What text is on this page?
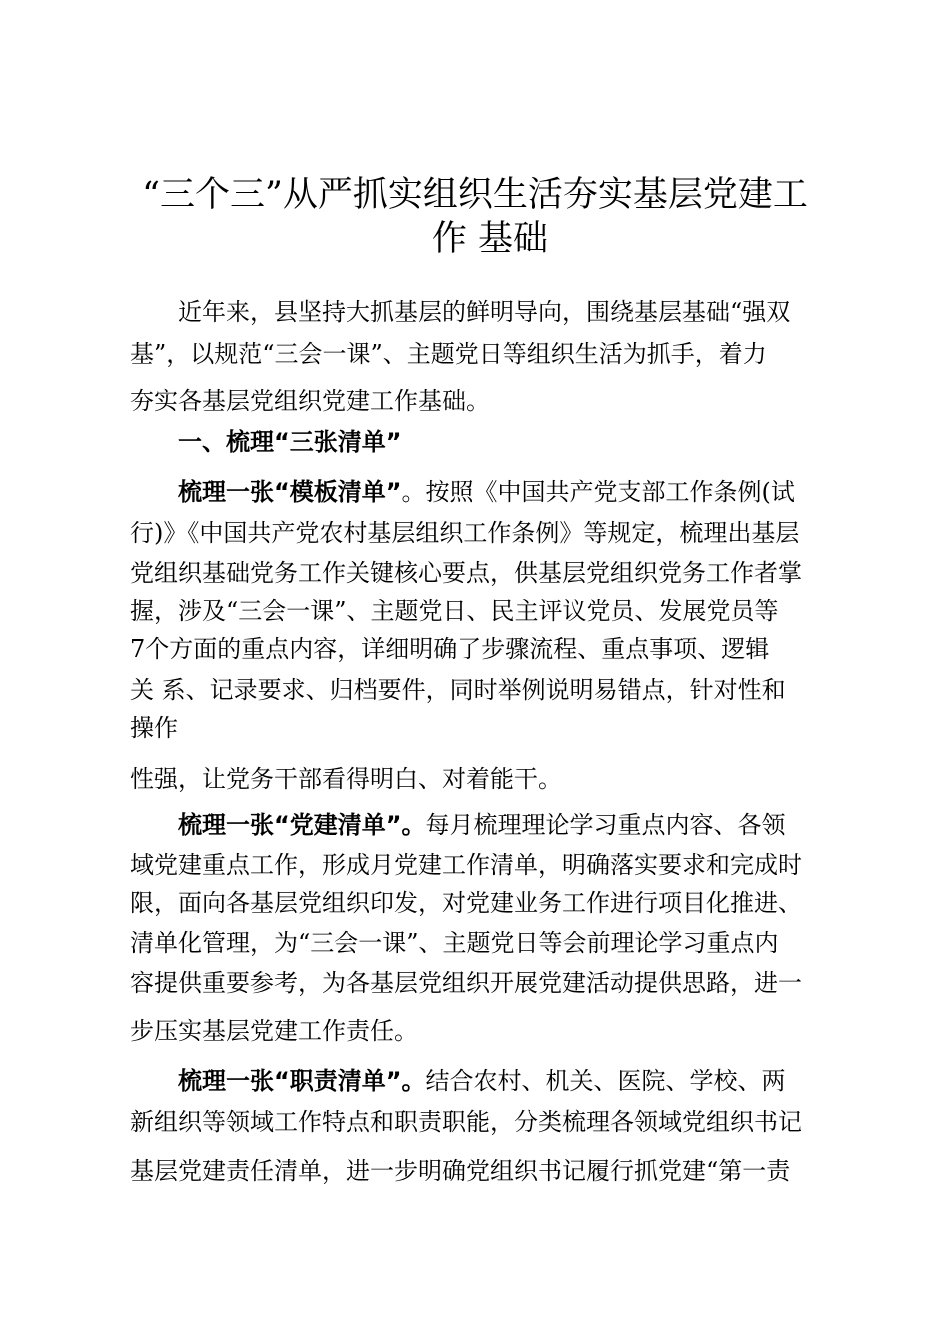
“三个三”从严抓实组织生活夯实基层党建工
作 基础
近年来，县坚持大抓基层的鲜明导向，围绕基层基础“强双
基”，以规范“三会一课”、主题党日等组织生活为抓手，着力
夯实各基层党组织党建工作基础。
一、梳理“三张清单”
梳理一张“模板清单”。按照《中国共产党支部工作条例(试
行)》《中国共产党农村基层组织工作条例》等规定，梳理出基层
党组织基础党务工作关键核心要点，供基层党组织党务工作者掌
握，涉及“三会一课”、主题党日、民主评议党员、发展党员等
7个方面的重点内容，详细明确了步骤流程、重点事项、逻辑
关 系、记录要求、归档要件，同时举例说明易错点，针对性和
操作
性强，让党务干部看得明白、对着能干。
梳理一张“党建清单”。每月梳理理论学习重点内容、各领
域党建重点工作，形成月党建工作清单，明确落实要求和完成时
限，面向各基层党组织印发，对党建业务工作进行项目化推进、
清单化管理，为“三会一课”、主题党日等会前理论学习重点内
容提供重要参考，为各基层党组织开展党建活动提供思路，进一
步压实基层党建工作责任。
梳理一张“职责清单”。结合农村、机关、医院、学校、两
新组织等领域工作特点和职责职能，分类梳理各领域党组织书记
基层党建责任清单，进一步明确党组织书记履行抓党建“第一责
